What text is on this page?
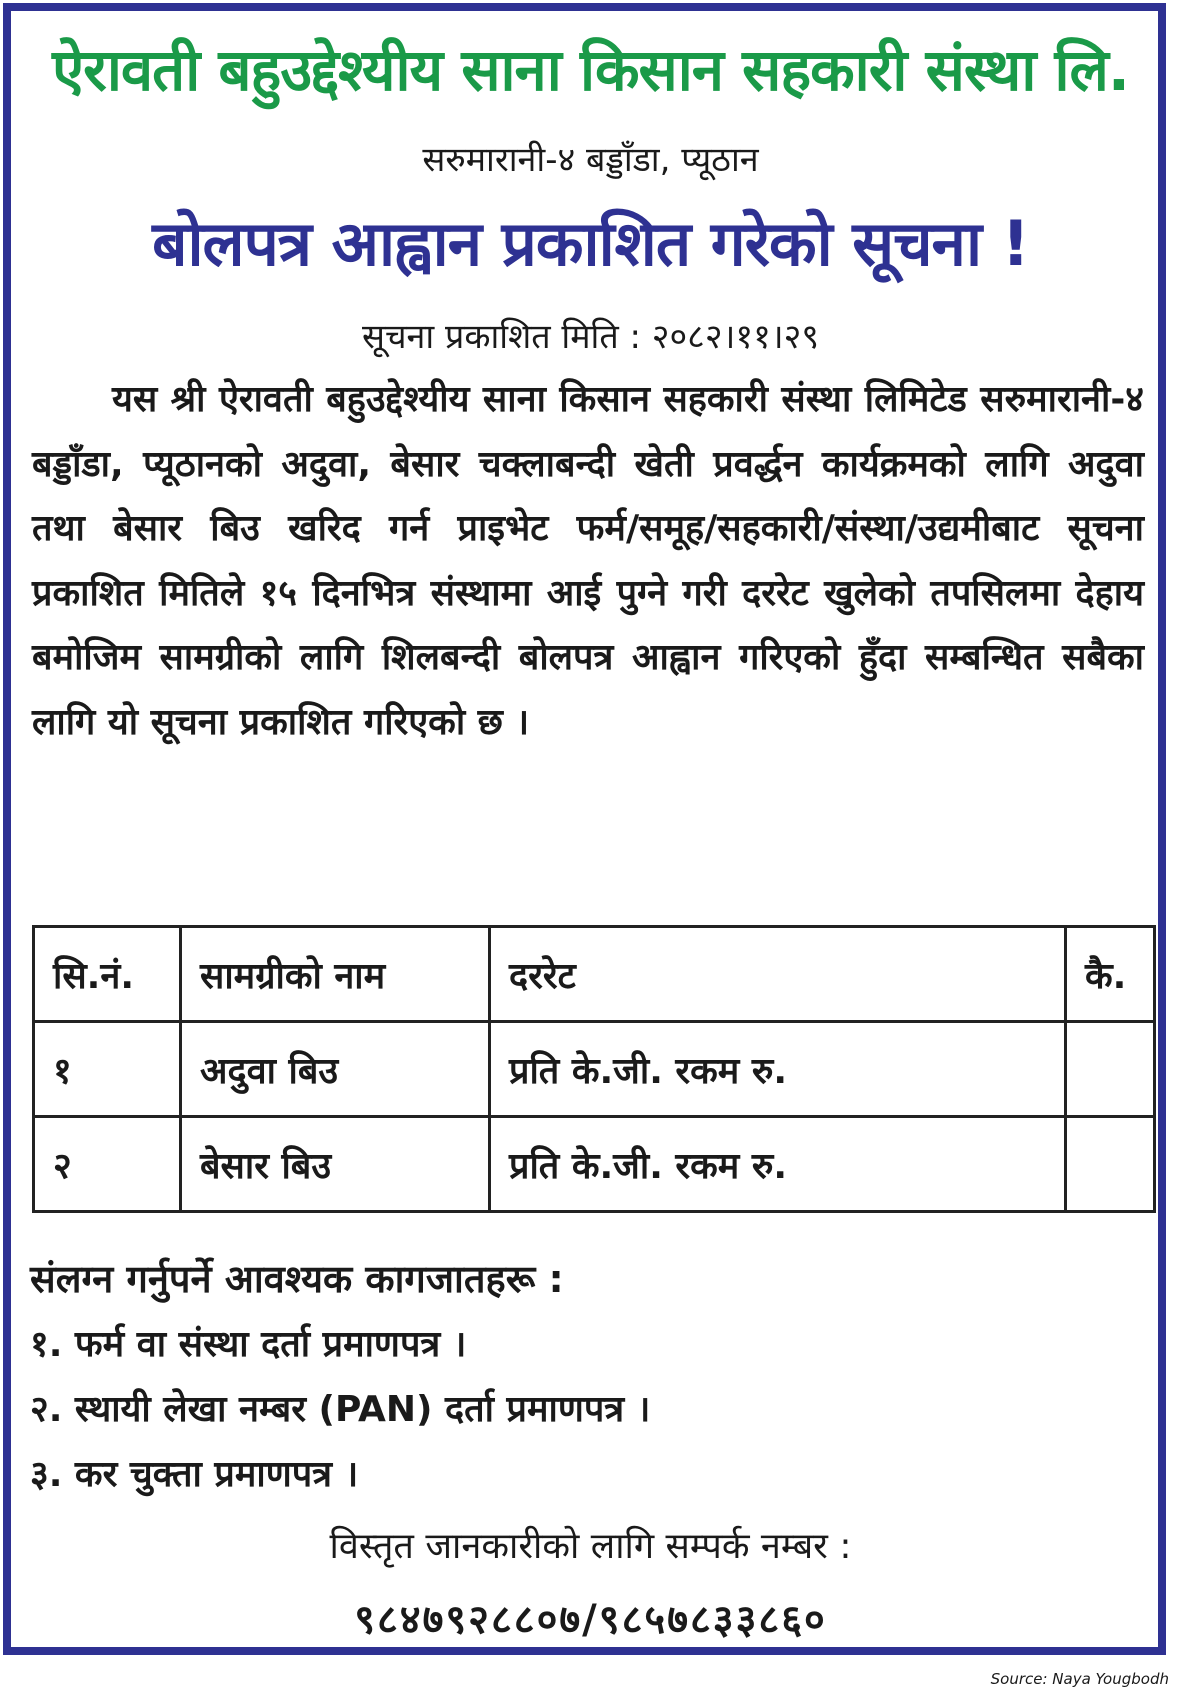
ऐरावती बहुउद्देश्यीय साना किसान सहकारी संस्था लि.
सरुमारानी-४ बड्डाँडा, प्यूठान
बोलपत्र आह्वान प्रकाशित गरेको सूचना !
सूचना प्रकाशित मिति : २०८२।११।२९
यस श्री ऐरावती बहुउद्देश्यीय साना किसान सहकारी संस्था लिमिटेड सरुमारानी-४ बड्डाँडा, प्यूठानको अदुवा, बेसार चक्लाबन्दी खेती प्रवर्द्धन कार्यक्रमको लागि अदुवा तथा बेसार बिउ खरिद गर्न प्राइभेट फर्म/समूह/सहकारी/संस्था/उद्यमीबाट सूचना प्रकाशित मितिले १५ दिनभित्र संस्थामा आई पुग्ने गरी दररेट खुलेको तपसिलमा देहाय बमोजिम सामग्रीको लागि शिलबन्दी बोलपत्र आह्वान गरिएको हुँदा सम्बन्धित सबैका लागि यो सूचना प्रकाशित गरिएको छ ।
सि.नं.	सामग्रीको नाम	दररेट	कै.
१	अदुवा बिउ	प्रति के.जी. रकम रु.	
२	बेसार बिउ	प्रति के.जी. रकम रु.	
संलग्न गर्नुपर्ने आवश्यक कागजातहरू :
१. फर्म वा संस्था दर्ता प्रमाणपत्र ।
२. स्थायी लेखा नम्बर (PAN) दर्ता प्रमाणपत्र ।
३. कर चुक्ता प्रमाणपत्र ।
विस्तृत जानकारीको लागि सम्पर्क नम्बर :
९८४७९२८८०७/९८५७८३३८६०
Source: Naya Yougbodh
